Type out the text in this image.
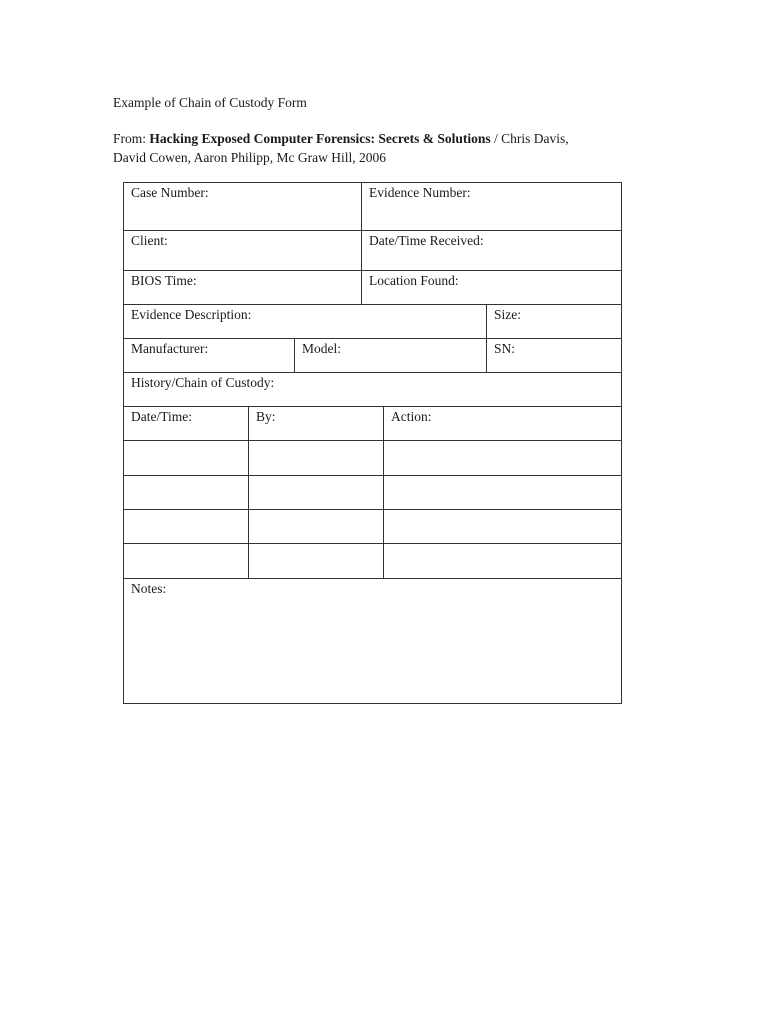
Example of Chain of Custody Form
From: Hacking Exposed Computer Forensics: Secrets & Solutions / Chris Davis,
David Cowen, Aaron Philipp, Mc Graw Hill, 2006
Case Number:	Evidence Number:
Client:	Date/Time Received:
BIOS Time:	Location Found:
Evidence Description:	Size:
Manufacturer:	Model:	SN:
History/Chain of Custody:
Date/Time:	By:	Action:
Notes:
